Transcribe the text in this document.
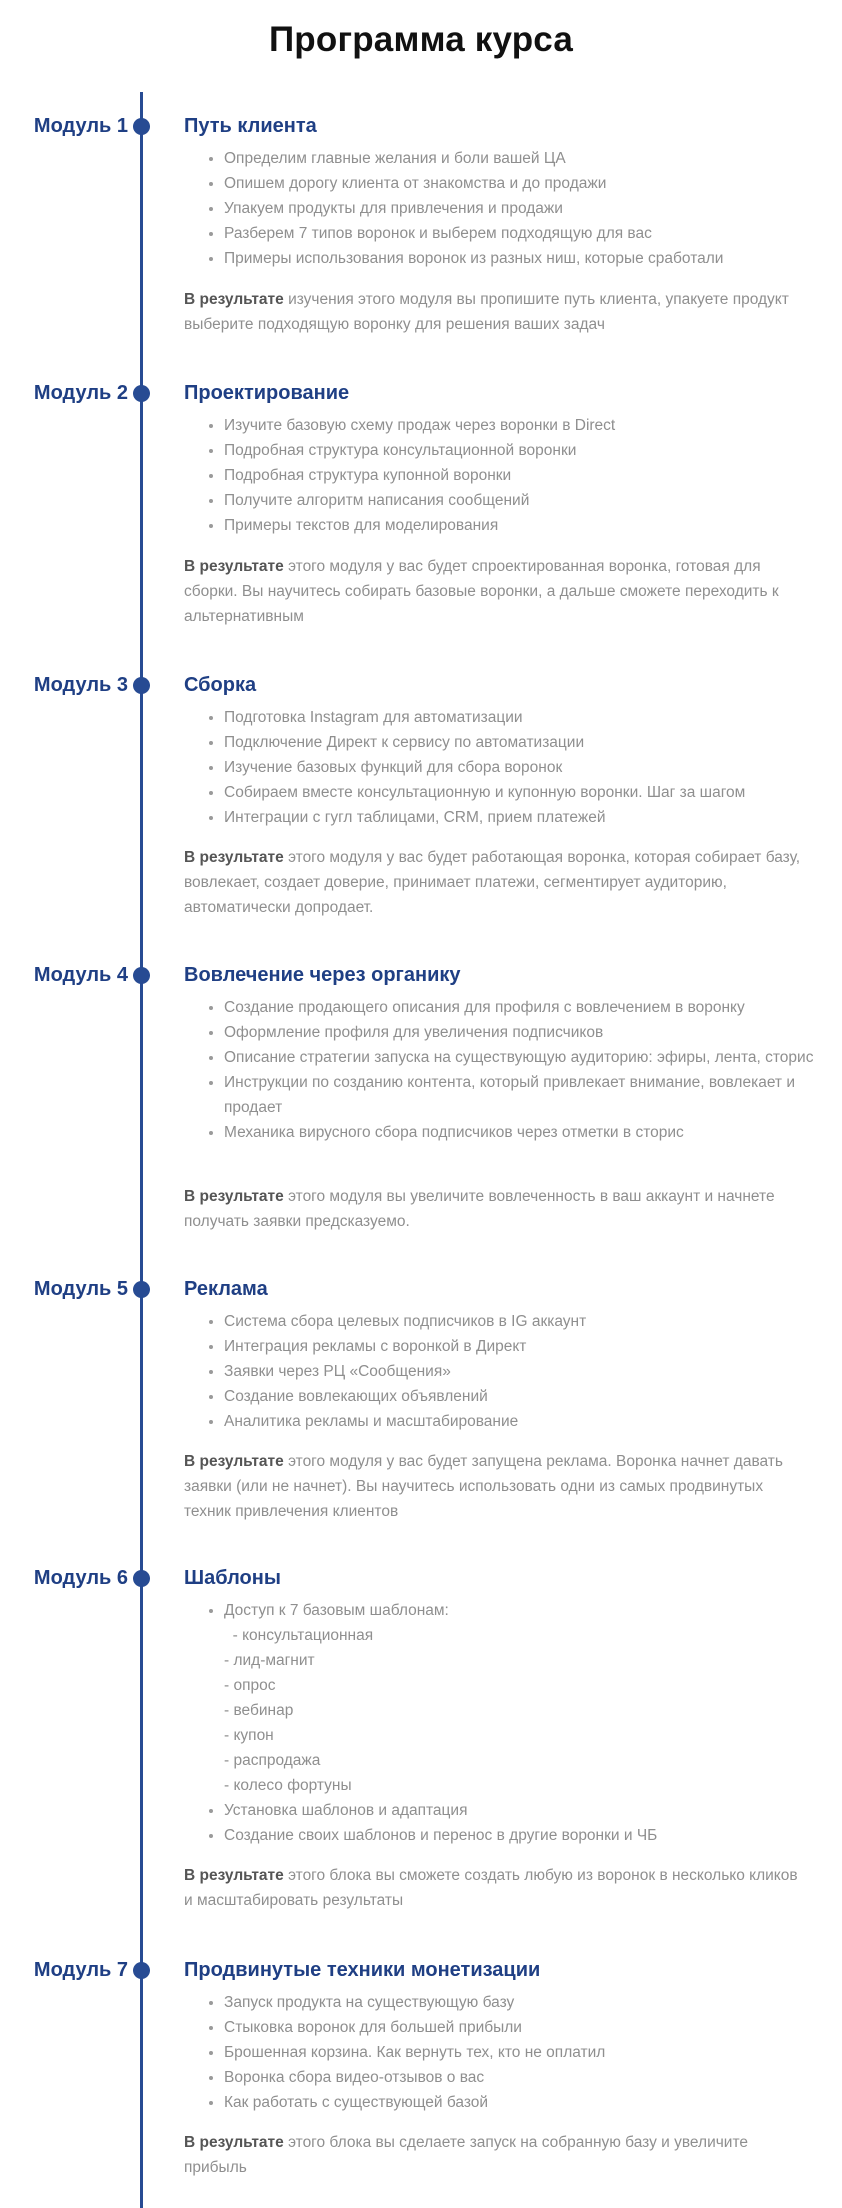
Программа курса
Модуль 1	Путь клиента
• Определим главные желания и боли вашей ЦА
• Опишем дорогу клиента от знакомства и до продажи
• Упакуем продукты для привлечения и продажи
• Разберем 7 типов воронок и выберем подходящую для вас
• Примеры использования воронок из разных ниш, которые сработали

В результате изучения этого модуля вы пропишите путь клиента, упакуете продукт выберите подходящую воронку для решения ваших задач

Модуль 2	Проектирование
• Изучите базовую схему продаж через воронки в Direct
• Подробная структура консультационной воронки
• Подробная структура купонной воронки
• Получите алгоритм написания сообщений
• Примеры текстов для моделирования

В результате этого модуля у вас будет спроектированная воронка, готовая для сборки. Вы научитесь собирать базовые воронки, а дальше сможете переходить к альтернативным

Модуль 3	Сборка
• Подготовка Instagram для автоматизации
• Подключение Директ к сервису по автоматизации
• Изучение базовых функций для сбора воронок
• Собираем вместе консультационную и купонную воронки. Шаг за шагом
• Интеграции с гугл таблицами, CRM, прием платежей

В результате этого модуля у вас будет работающая воронка, которая собирает базу, вовлекает, создает доверие, принимает платежи, сегментирует аудиторию, автоматически допродает.

Модуль 4	Вовлечение через органику
• Создание продающего описания для профиля с вовлечением в воронку
• Оформление профиля для увеличения подписчиков
• Описание стратегии запуска на существующую аудиторию: эфиры, лента, сторис
• Инструкции по созданию контента, который привлекает внимание, вовлекает и продает
• Механика вирусного сбора подписчиков через отметки в сторис

В результате этого модуля вы увеличите вовлеченность в ваш аккаунт и начнете получать заявки предсказуемо.

Модуль 5	Реклама
• Система сбора целевых подписчиков в IG аккаунт
• Интеграция рекламы с воронкой в Директ
• Заявки через РЦ «Сообщения»
• Создание вовлекающих объявлений
• Аналитика рекламы и масштабирование

В результате этого модуля у вас будет запущена реклама. Воронка начнет давать заявки (или не начнет). Вы научитесь использовать одни из самых продвинутых техник привлечения клиентов

Модуль 6	Шаблоны
• Доступ к 7 базовым шаблонам:
- консультационная
- лид-магнит
- опрос
- вебинар
- купон
- распродажа
- колесо фортуны
• Установка шаблонов и адаптация
• Создание своих шаблонов и перенос в другие воронки и ЧБ

В результате этого блока вы сможете создать любую из воронок в несколько кликов и масштабировать результаты

Модуль 7	Продвинутые техники монетизации
• Запуск продукта на существующую базу
• Стыковка воронок для большей прибыли
• Брошенная корзина. Как вернуть тех, кто не оплатил
• Воронка сбора видео-отзывов о вас
• Как работать с существующей базой

В результате этого блока вы сделаете запуск на собранную базу и увеличите прибыль
